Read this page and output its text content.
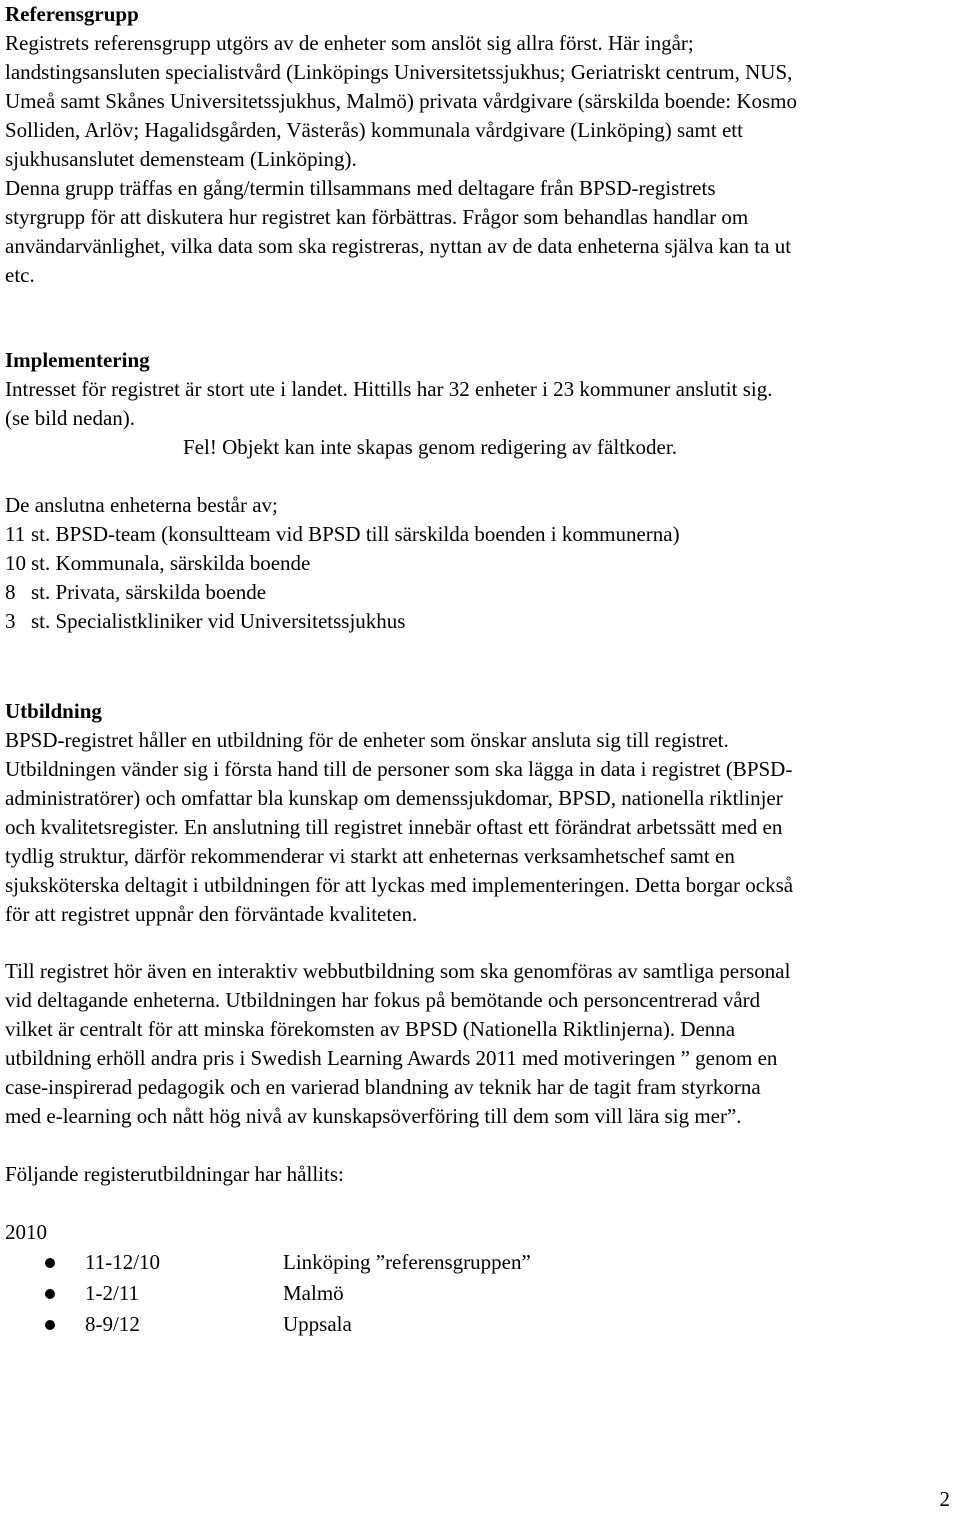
Referensgrupp

Registrets referensgrupp utgörs av de enheter som anslöt sig allra först. Här ingår;

landstingsansluten specialistvård (Linköpings Universitetssjukhus; Geriatriskt centrum, NUS,

Umeå samt Skånes Universitetssjukhus, Malmö) privata vårdgivare (särskilda boende: Kosmo

Solliden, Arlöv; Hagalidsgården, Västerås) kommunala vårdgivare (Linköping) samt ett

sjukhusanslutet demensteam (Linköping).

Denna grupp träffas en gång/termin tillsammans med deltagare från BPSD-registrets

styrgrupp för att diskutera hur registret kan förbättras. Frågor som behandlas handlar om

användarvänlighet, vilka data som ska registreras, nyttan av de data enheterna själva kan ta ut

etc.

Implementering

Intresset för registret är stort ute i landet. Hittills har 32 enheter i 23 kommuner anslutit sig.

(se bild nedan).

Fel! Objekt kan inte skapas genom redigering av fältkoder.

De anslutna enheterna består av;

11 st. BPSD-team (konsultteam vid BPSD till särskilda boenden i kommunerna)
10 st. Kommunala, särskilda boende
8 st. Privata, särskilda boende
3 st. Specialistkliniker vid Universitetssjukhus

Utbildning

BPSD-registret håller en utbildning för de enheter som önskar ansluta sig till registret.

Utbildningen vänder sig i första hand till de personer som ska lägga in data i registret (BPSD-

administratörer) och omfattar bla kunskap om demenssjukdomar, BPSD, nationella riktlinjer

och kvalitetsregister. En anslutning till registret innebär oftast ett förändrat arbetssätt med en

tydlig struktur, därför rekommenderar vi starkt att enheternas verksamhetschef samt en

sjuksköterska deltagit i utbildningen för att lyckas med implementeringen. Detta borgar också

för att registret uppnår den förväntade kvaliteten.

Till registret hör även en interaktiv webbutbildning som ska genomföras av samtliga personal

vid deltagande enheterna. Utbildningen har fokus på bemötande och personcentrerad vård

vilket är centralt för att minska förekomsten av BPSD (Nationella Riktlinjerna). Denna

utbildning erhöll andra pris i Swedish Learning Awards 2011 med motiveringen ” genom en

case-inspirerad pedagogik och en varierad blandning av teknik har de tagit fram styrkorna

med e-learning och nått hög nivå av kunskapsöverföring till dem som vill lära sig mer”.

Följande registerutbildningar har hållits:

2010

11-12/10	Linköping ”referensgruppen”
1-2/11	Malmö
8-9/12	Uppsala
2
